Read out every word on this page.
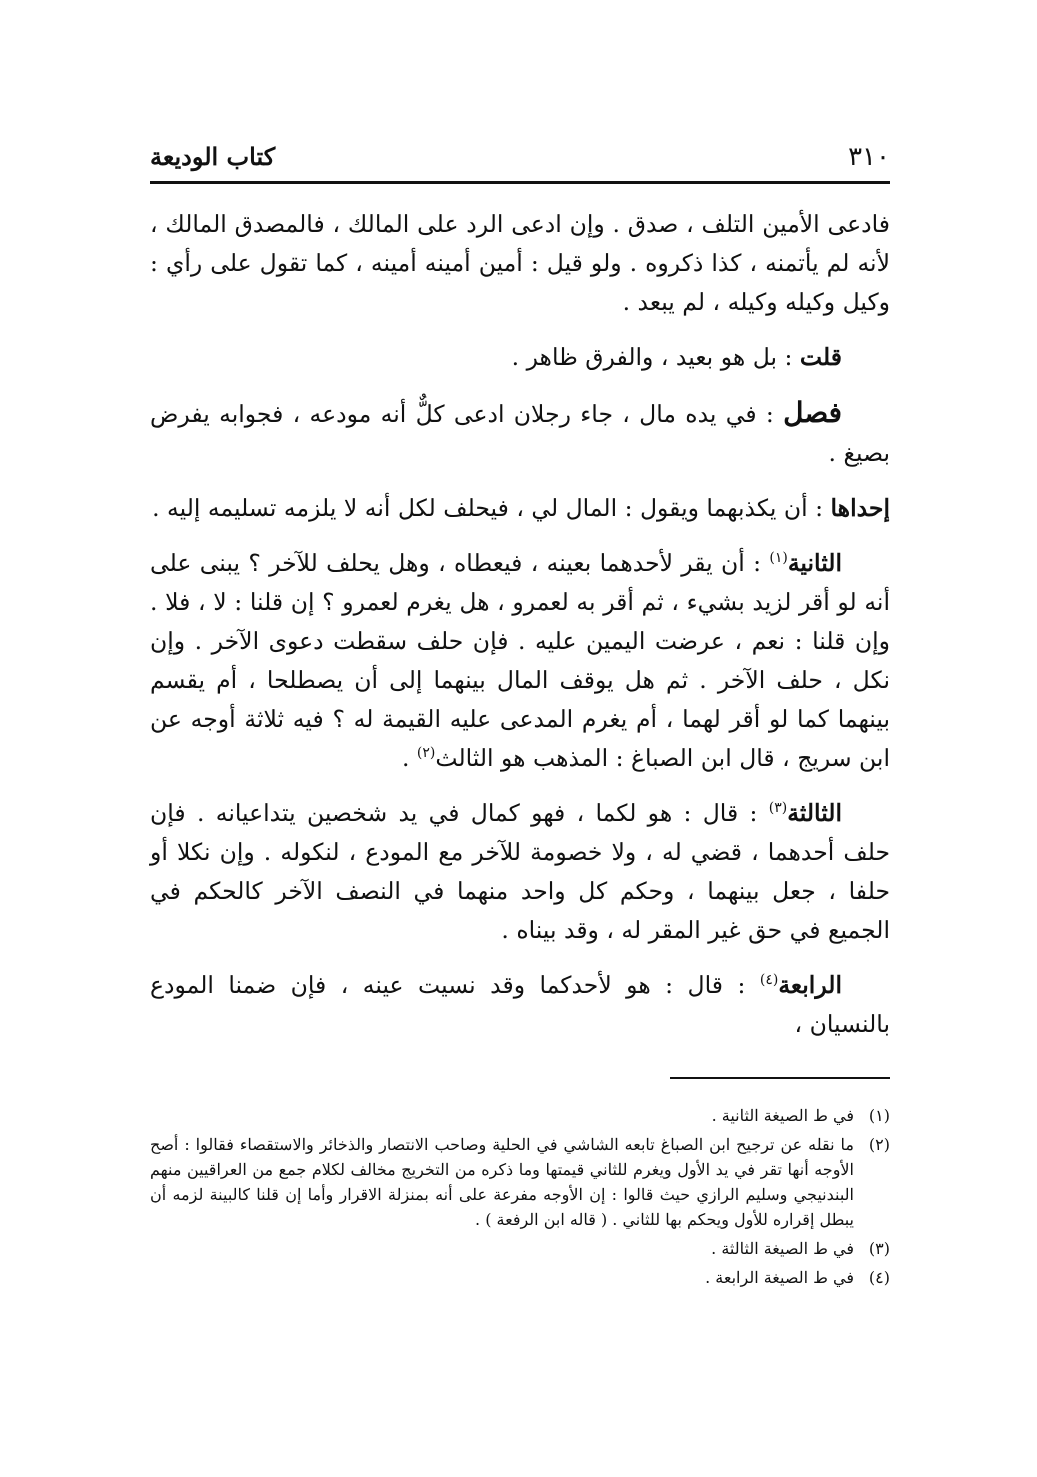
٣١٠
كتاب الوديعة

فادعى الأمين التلف ، صدق . وإن ادعى الرد على المالك ، فالمصدق المالك ، لأنه لم يأتمنه ، كذا ذكروه . ولو قيل : أمين أمينه أمينه ، كما تقول على رأي : وكيل وكيله وكيله ، لم يبعد .

قلت : بل هو بعيد ، والفرق ظاهر .

فصل : في يده مال ، جاء رجلان ادعى كلٌّ أنه مودعه ، فجوابه يفرض بصيغ .

إحداها : أن يكذبهما ويقول : المال لي ، فيحلف لكل أنه لا يلزمه تسليمه إليه .

الثانية$^{(١)}$ : أن يقر لأحدهما بعينه ، فيعطاه ، وهل يحلف للآخر ؟ يبنى على أنه لو أقر لزيد بشيء ، ثم أقر به لعمرو ، هل يغرم لعمرو ؟ إن قلنا : لا ، فلا . وإن قلنا : نعم ، عرضت اليمين عليه . فإن حلف سقطت دعوى الآخر . وإن نكل ، حلف الآخر . ثم هل يوقف المال بينهما إلى أن يصطلحا ، أم يقسم بينهما كما لو أقر لهما ، أم يغرم المدعى عليه القيمة له ؟ فيه ثلاثة أوجه عن ابن سريج ، قال ابن الصباغ : المذهب هو الثالث$^{(٢)}$ .

الثالثة$^{(٣)}$ : قال : هو لكما ، فهو كمال في يد شخصين يتداعيانه . فإن حلف أحدهما ، قضي له ، ولا خصومة للآخر مع المودع ، لنكوله . وإن نكلا أو حلفا ، جعل بينهما ، وحكم كل واحد منهما في النصف الآخر كالحكم في الجميع في حق غير المقر له ، وقد بيناه .

الرابعة$^{(٤)}$ : قال : هو لأحدكما وقد نسيت عينه ، فإن ضمنا المودع بالنسيان ،

(١)
في ط الصيغة الثانية .
(٢)
ما نقله عن ترجيح ابن الصباغ تابعه الشاشي في الحلية وصاحب الانتصار والذخائر والاستقصاء فقالوا : أصح الأوجه أنها تقر في يد الأول ويغرم للثاني قيمتها وما ذكره من التخريج مخالف لكلام جمع من العراقيين منهم البندنيجي وسليم الرازي حيث قالوا : إن الأوجه مفرعة على أنه بمنزلة الاقرار وأما إن قلنا كالبينة لزمه أن يبطل إقراره للأول ويحكم بها للثاني . ( قاله ابن الرفعة ) .
(٣)
في ط الصيغة الثالثة .
(٤)
في ط الصيغة الرابعة .
